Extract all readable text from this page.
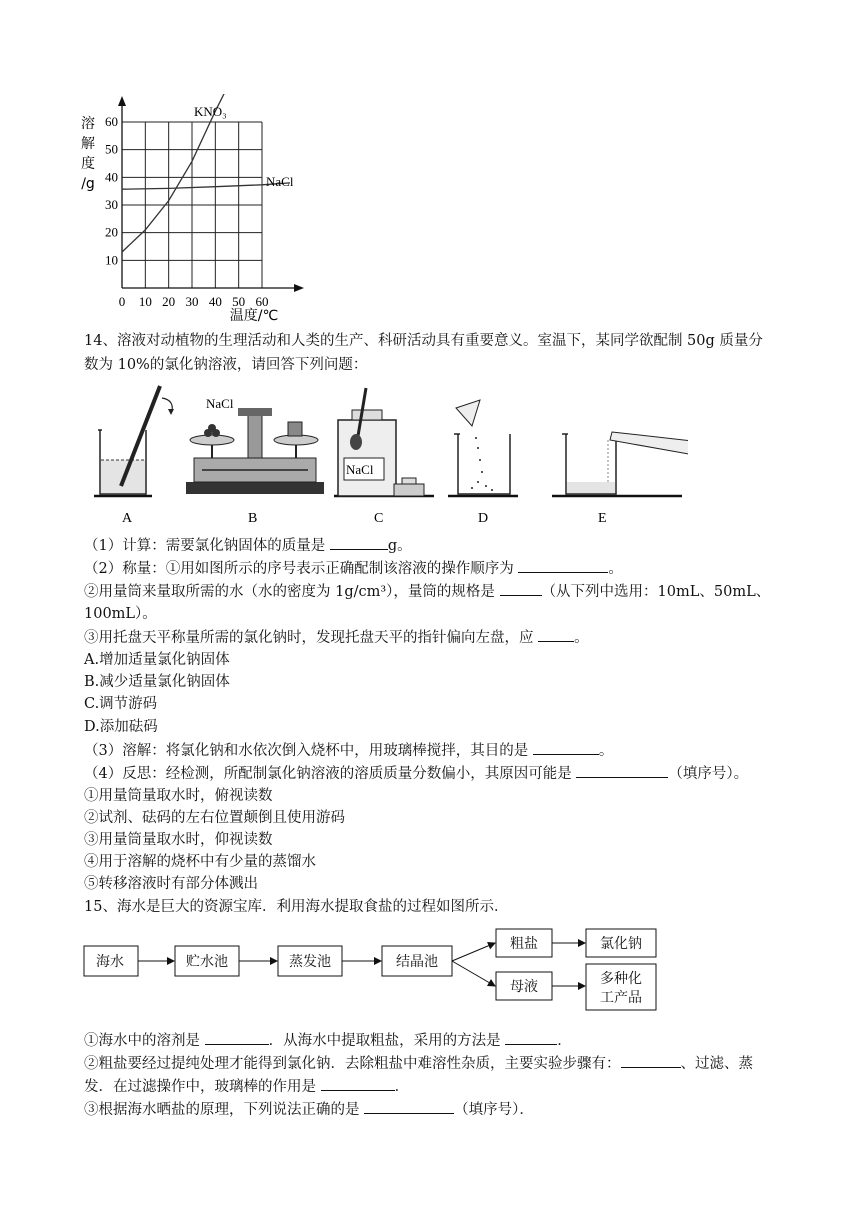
0 10 20 30 40 50 60
10
20
30
40
50
60
溶
解
度
/g
温度/℃
KNO₃
NaCl
14、溶液对动植物的生理活动和人类的生产、科研活动具有重要意义。室温下，某同学欲配制 50g 质量分
数为 10%的氯化钠溶液，请回答下列问题：
A
NaCl
B
NaCl
C	D	E
（1）计算：需要氯化钠固体的质量是	g。
（2）称量：①用如图所示的序号表示正确配制该溶液的操作顺序为	。
②用量筒来量取所需的水（水的密度为 1g/cm³），量筒的规格是	（从下列中选用：10mL、50mL、
100mL）。
③用托盘天平称量所需的氯化钠时，发现托盘天平的指针偏向左盘，应 。
A.增加适量氯化钠固体
B.减少适量氯化钠固体
C.调节游码
D.添加砝码
（3）溶解：将氯化钠和水依次倒入烧杯中，用玻璃棒搅拌，其目的是	。
（4）反思：经检测，所配制氯化钠溶液的溶质质量分数偏小，其原因可能是	（填序号）。
①用量筒量取水时，俯视读数
②试剂、砝码的左右位置颠倒且使用游码
③用量筒量取水时，仰视读数
④用于溶解的烧杯中有少量的蒸馏水
⑤转移溶液时有部分体溅出
15、海水是巨大的资源宝库．利用海水提取食盐的过程如图所示．
海水	贮水池	蒸发池	结晶池
粗盐	氯化钠
母液
多种化
工产品
①海水中的溶剂是	．从海水中提取粗盐，采用的方法是	．
②粗盐要经过提纯处理才能得到氯化钠．去除粗盐中难溶性杂质，主要实验步骤有：	、过滤、蒸
发．在过滤操作中，玻璃棒的作用是	．
③根据海水晒盐的原理，下列说法正确的是	（填序号）．
